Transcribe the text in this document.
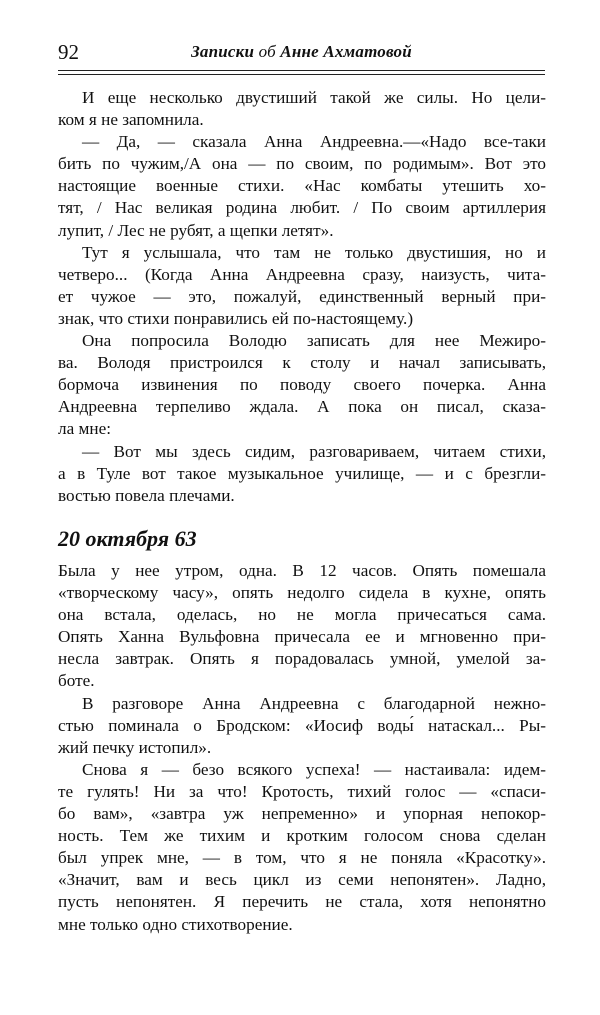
92	Записки об Анне Ахматовой
И еще несколько двустиший такой же силы. Но цели-
ком я не запомнила.
— Да, — сказала Анна Андреевна.—«Надо все-таки
бить по чужим,/А она — по своим, по родимым». Вот это
настоящие военные стихи. «Нас комбаты утешить хо-
тят, / Нас великая родина любит. / По своим артиллерия
лупит, / Лес не рубят, а щепки летят».
Тут я услышала, что там не только двустишия, но и
четверо... (Когда Анна Андреевна сразу, наизусть, чита-
ет чужое — это, пожалуй, единственный верный при-
знак, что стихи понравились ей по-настоящему.)
Она попросила Володю записать для нее Межиро-
ва. Володя пристроился к столу и начал записывать,
бормоча извинения по поводу своего почерка. Анна
Андреевна терпеливо ждала. А пока он писал, сказа-
ла мне:
— Вот мы здесь сидим, разговариваем, читаем стихи,
а в Туле вот такое музыкальное училище, — и с брезгли-
востью повела плечами.
20 октября 63
Была у нее утром, одна. В 12 часов. Опять помешала
«творческому часу», опять недолго сидела в кухне, опять
она встала, оделась, но не могла причесаться сама.
Опять Ханна Вульфовна причесала ее и мгновенно при-
несла завтрак. Опять я порадовалась умной, умелой за-
боте.
В разговоре Анна Андреевна с благодарной нежно-
стью поминала о Бродском: «Иосиф воды́ натаскал... Ры-
жий печку истопил».
Снова я — безо всякого успеха! — настаивала: идем-
те гулять! Ни за что! Кротость, тихий голос — «спаси-
бо вам», «завтра уж непременно» и упорная непокор-
ность. Тем же тихим и кротким голосом снова сделан
был упрек мне, — в том, что я не поняла «Красотку».
«Значит, вам и весь цикл из семи непонятен». Ладно,
пусть непонятен. Я перечить не стала, хотя непонятно
мне только одно стихотворение.
